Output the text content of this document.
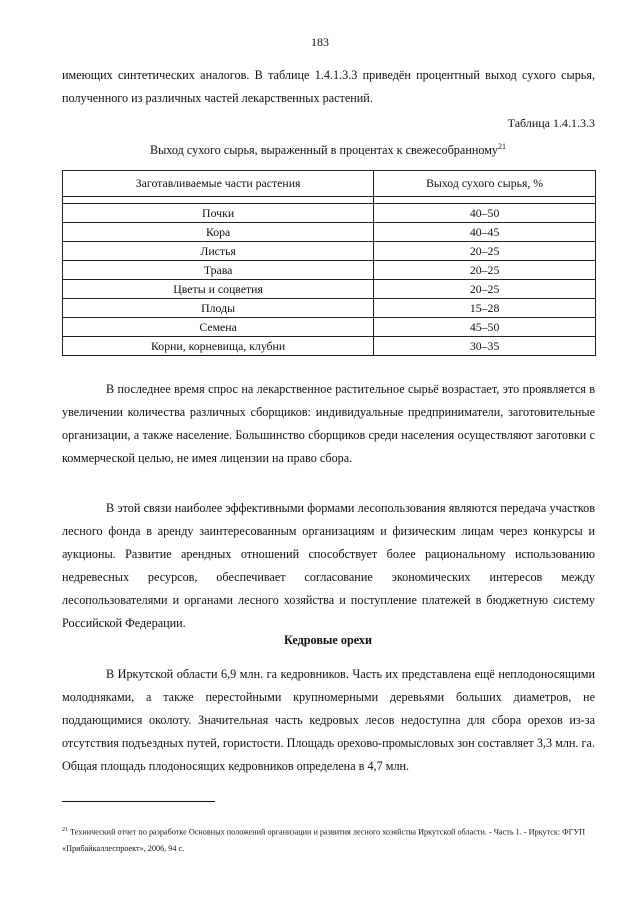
183

имеющих синтетических аналогов. В таблице 1.4.1.3.3 приведён процентный выход сухого сырья, полученного из различных частей лекарственных растений.

Таблица 1.4.1.3.3
Выход сухого сырья, выраженный в процентах к свежесобранному$^{21}$
Заготавливаемые части растения	Выход сухого сырья, %

Почки	40–50
Кора	40–45
Листья	20–25
Трава	20–25
Цветы и соцветия	20–25
Плоды	15–28
Семена	45–50
Корни, корневища, клубни	30–35

В последнее время спрос на лекарственное растительное сырьё возрастает, это проявляется в увеличении количества различных сборщиков: индивидуальные предприниматели, заготовительные организации, а также население. Большинство сборщиков среди населения осуществляют заготовки с коммерческой целью, не имея лицензии на право сбора.

В этой связи наиболее эффективными формами лесопользования являются передача участков лесного фонда в аренду заинтересованным организациям и физическим лицам через конкурсы и аукционы. Развитие арендных отношений способствует более рациональному использованию недревесных ресурсов, обеспечивает согласование экономических интересов между лесопользователями и органами лесного хозяйства и поступление платежей в бюджетную систему Российской Федерации.

Кедровые орехи

В Иркутской области 6,9 млн. га кедровников. Часть их представлена ещё неплодоносящими молодняками, а также перестойными крупномерными деревьями больших диаметров, не поддающимися околоту. Значительная часть кедровых лесов недоступна для сбора орехов из-за отсутствия подъездных путей, гористости. Площадь орехово-промысловых зон составляет 3,3 млн. га. Общая площадь плодоносящих кедровников определена в 4,7 млн.

$^{21}$ Технический отчет по разработке Основных положений организации и развития лесного хозяйства Иркутской области. - Часть 1. - Иркутск: ФГУП «Прибайкаллеспроект», 2006, 94 с.
